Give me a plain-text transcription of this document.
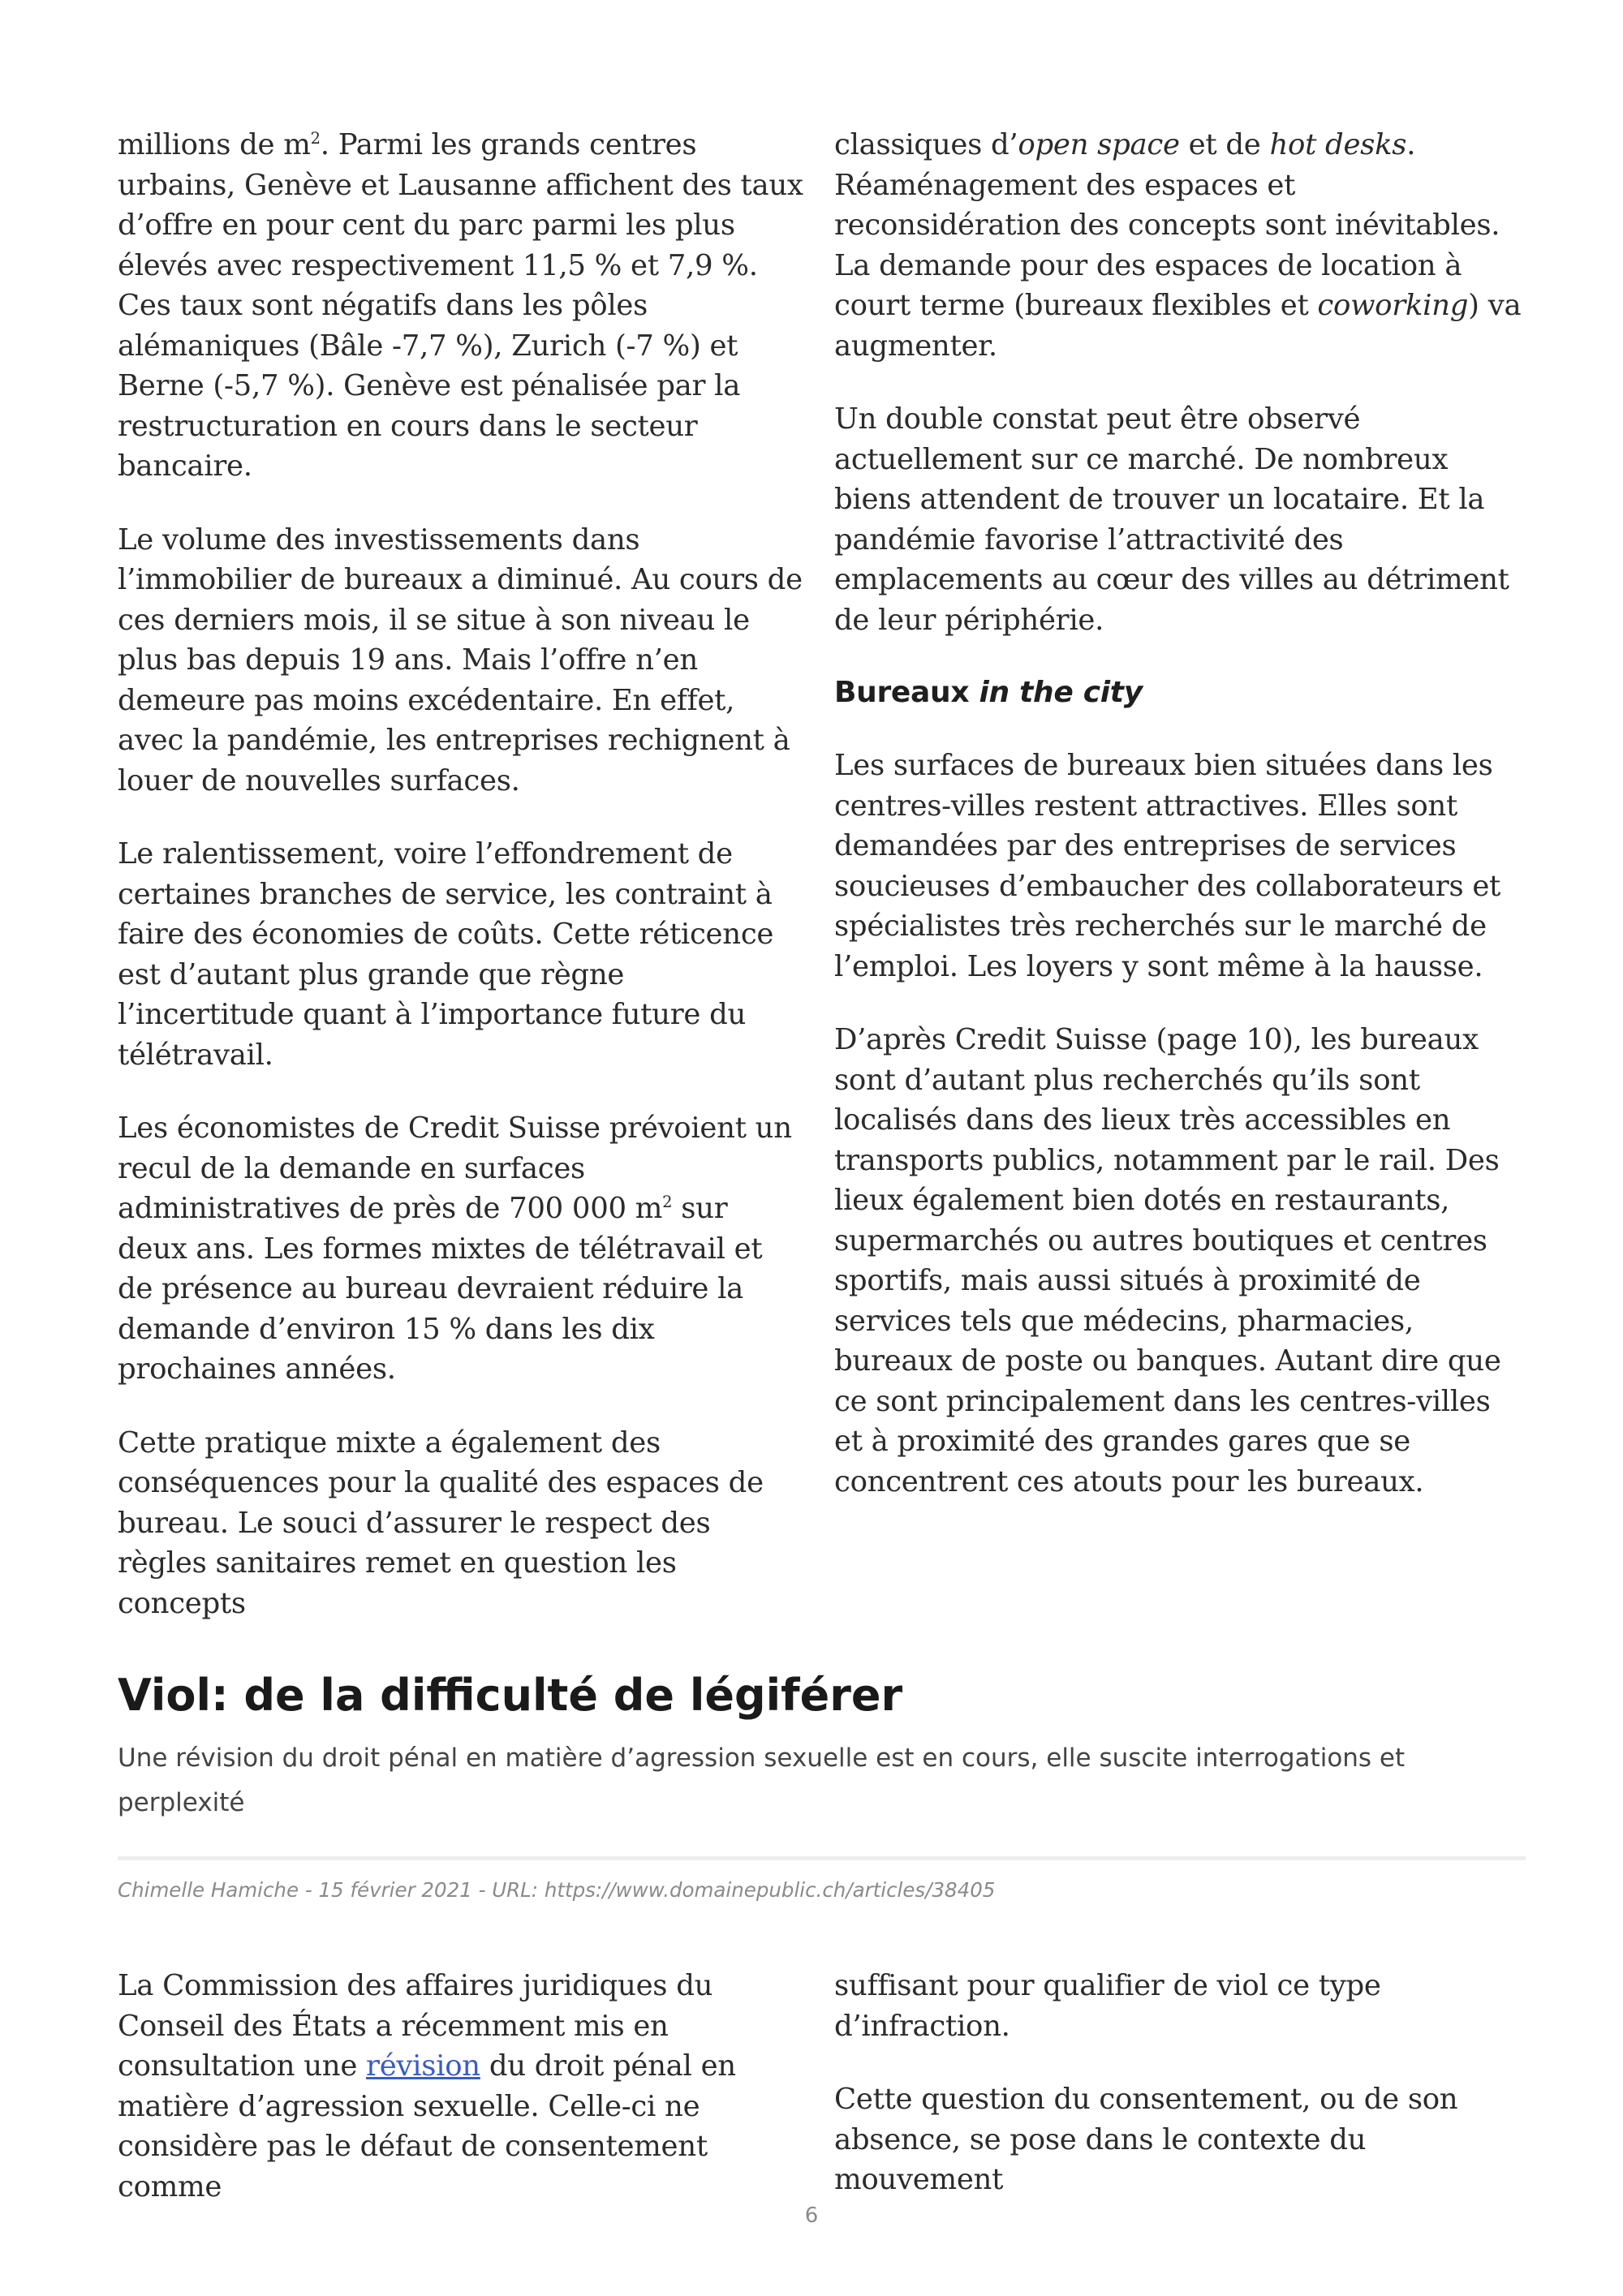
millions de $m^2$. Parmi les grands centres urbains, Genève et Lausanne affichent des taux d’offre en pour cent du parc parmi les plus élevés avec respectivement 11,5 % et 7,9 %. Ces taux sont négatifs dans les pôles alémaniques (Bâle -7,7 %), Zurich (-7 %) et Berne (-5,7 %). Genève est pénalisée par la restructuration en cours dans le secteur bancaire.

Le volume des investissements dans l’immobilier de bureaux a diminué. Au cours de ces derniers mois, il se situe à son niveau le plus bas depuis 19 ans. Mais l’offre n’en demeure pas moins excédentaire. En effet, avec la pandémie, les entreprises rechignent à louer de nouvelles surfaces.

Le ralentissement, voire l’effondrement de certaines branches de service, les contraint à faire des économies de coûts. Cette réticence est d’autant plus grande que règne l’incertitude quant à l’importance future du télétravail.

Les économistes de Credit Suisse prévoient un recul de la demande en surfaces administratives de près de 700 000 $m^2$ sur deux ans. Les formes mixtes de télétravail et de présence au bureau devraient réduire la demande d’environ 15 % dans les dix prochaines années.

Cette pratique mixte a également des conséquences pour la qualité des espaces de bureau. Le souci d’assurer le respect des règles sanitaires remet en question les concepts

classiques d’open space et de hot desks. Réaménagement des espaces et reconsidération des concepts sont inévitables. La demande pour des espaces de location à court terme (bureaux flexibles et coworking) va augmenter.

Un double constat peut être observé actuellement sur ce marché. De nombreux biens attendent de trouver un locataire. Et la pandémie favorise l’attractivité des emplacements au cœur des villes au détriment de leur périphérie.

Bureaux in the city

Les surfaces de bureaux bien situées dans les centres-villes restent attractives. Elles sont demandées par des entreprises de services soucieuses d’embaucher des collaborateurs et spécialistes très recherchés sur le marché de l’emploi. Les loyers y sont même à la hausse.

D’après Credit Suisse (page 10), les bureaux sont d’autant plus recherchés qu’ils sont localisés dans des lieux très accessibles en transports publics, notamment par le rail. Des lieux également bien dotés en restaurants, supermarchés ou autres boutiques et centres sportifs, mais aussi situés à proximité de services tels que médecins, pharmacies, bureaux de poste ou banques. Autant dire que ce sont principalement dans les centres-villes et à proximité des grandes gares que se concentrent ces atouts pour les bureaux.

Viol: de la difficulté de légiférer

Une révision du droit pénal en matière d’agression sexuelle est en cours, elle suscite interrogations et perplexité

Chimelle Hamiche - 15 février 2021 - URL: https://www.domainepublic.ch/articles/38405

La Commission des affaires juridiques du Conseil des États a récemment mis en consultation une révision du droit pénal en matière d’agression sexuelle. Celle-ci ne considère pas le défaut de consentement comme

suffisant pour qualifier de viol ce type d’infraction.

Cette question du consentement, ou de son absence, se pose dans le contexte du mouvement

6
